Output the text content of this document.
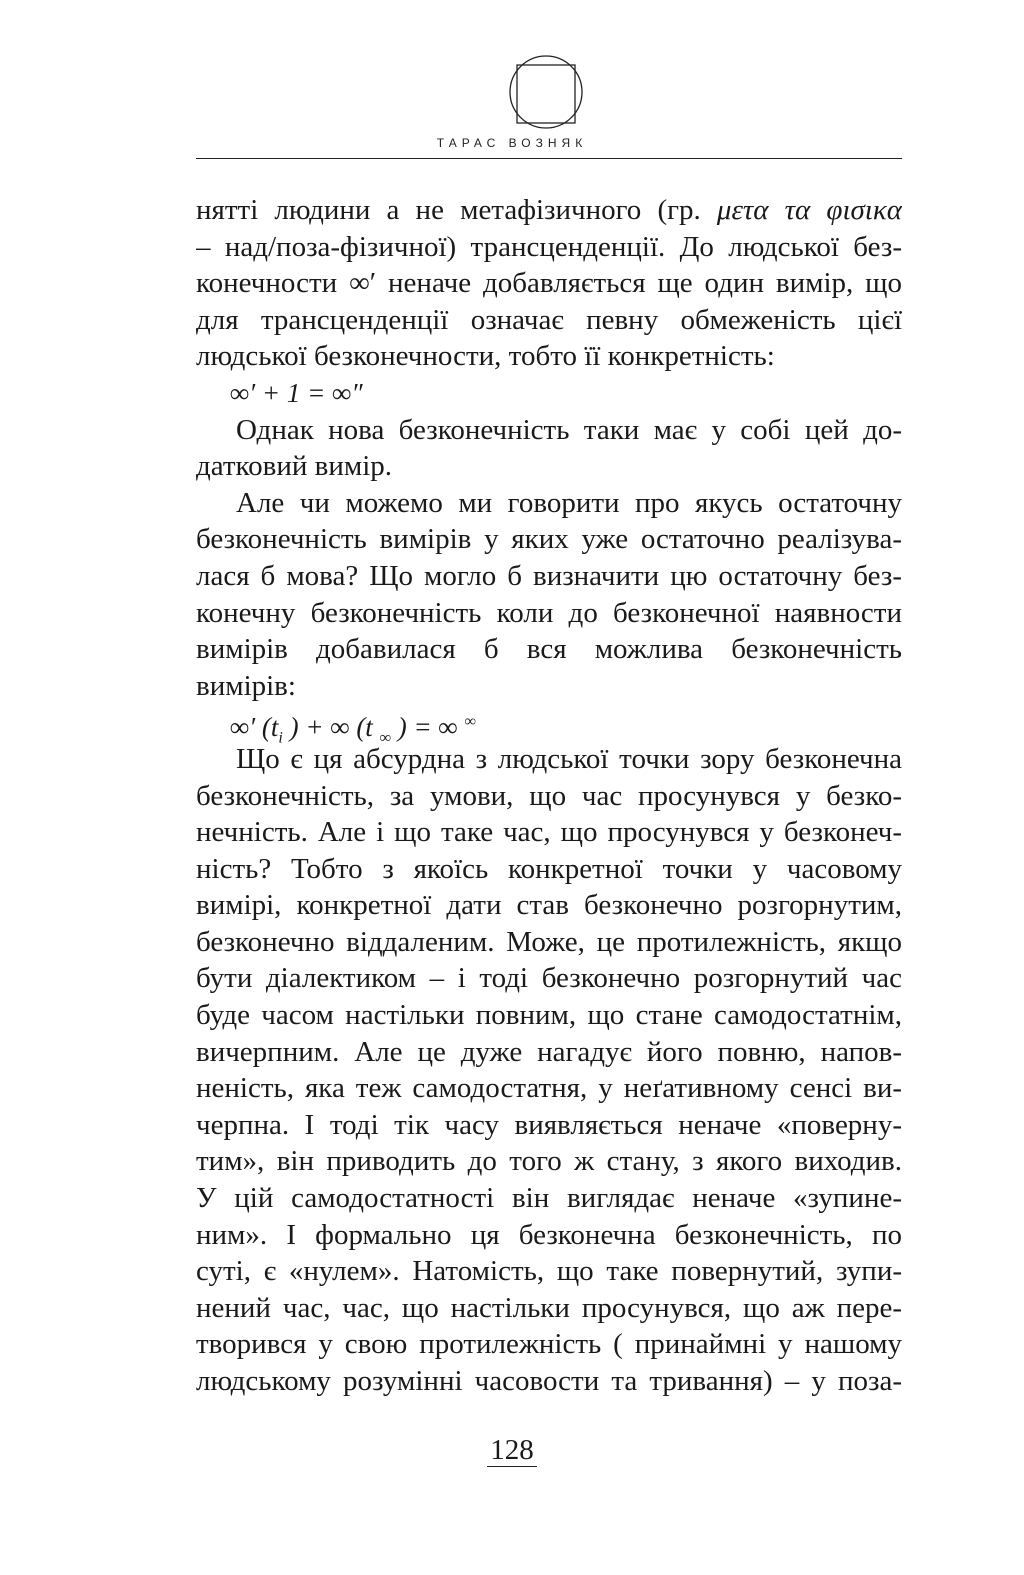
ТАРАС ВОЗНЯК
нятті людини а не метафізичного (гр. μετα τα φισικα
– над/поза-фізичної) трансценденції. До людської без-
конечности ∞′ неначе добавляється ще один вимір, що
для трансценденції означає певну обмеженість цієї
людської безконечности, тобто її конкретність:
∞′ + 1 = ∞″
Однак нова безконечність таки має у собі цей до-
датковий вимір.
Але чи можемо ми говорити про якусь остаточну
безконечність вимірів у яких уже остаточно реалізува-
лася б мова? Що могло б визначити цю остаточну без-
конечну безконечність коли до безконечної наявности
вимірів добавилася б вся можлива безконечність
вимірів:
∞′ ($t_i$ ) + ∞ (t $_\infty$ ) = ∞ ∞
Що є ця абсурдна з людської точки зору безконечна
безконечність, за умови, що час просунувся у безко-
нечність. Але і що таке час, що просунувся у безконеч-
ність? Тобто з якоїсь конкретної точки у часовому
вимірі, конкретної дати став безконечно розгорнутим,
безконечно віддаленим. Може, це протилежність, якщо
бути діалектиком – і тоді безконечно розгорнутий час
буде часом настільки повним, що стане самодостатнім,
вичерпним. Але це дуже нагадує його повню, напов-
неність, яка теж самодостатня, у неґативному сенсі ви-
черпна. І тоді тік часу виявляється неначе «поверну-
тим», він приводить до того ж стану, з якого виходив.
У цій самодостатності він виглядає неначе «зупине-
ним». І формально ця безконечна безконечність, по
суті, є «нулем». Натомість, що таке повернутий, зупи-
нений час, час, що настільки просунувся, що аж пере-
творився у свою протилежність ( принаймні у нашому
людському розумінні часовости та тривання) – у поза-
128
